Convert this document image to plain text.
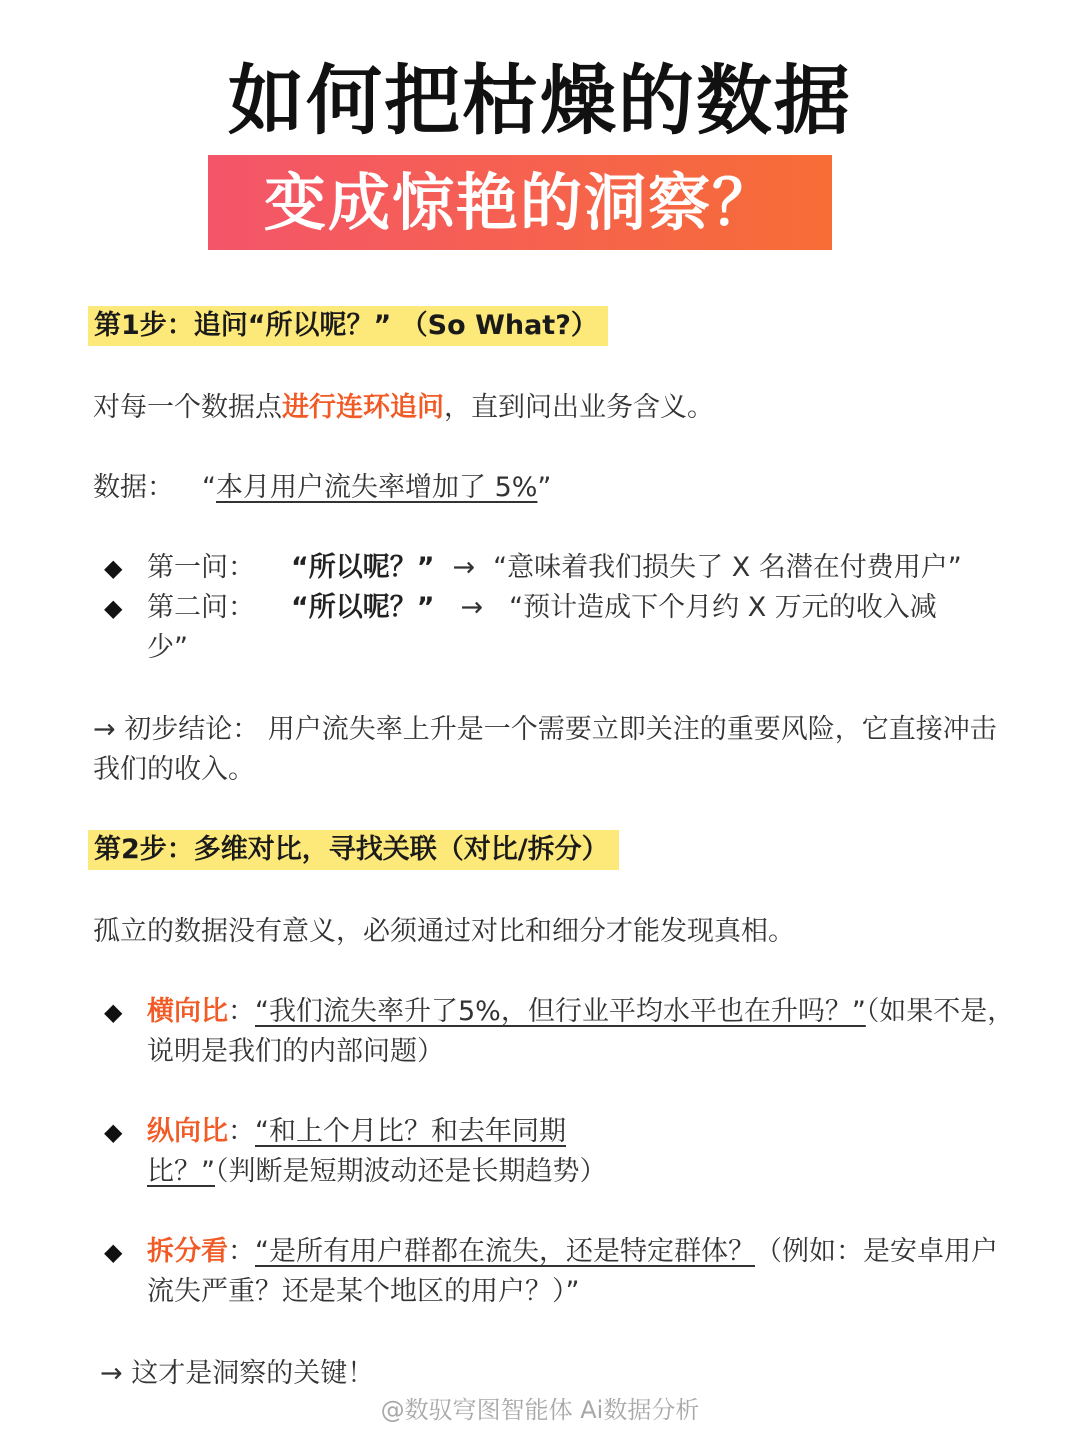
如何把枯燥的数据
变成惊艳的洞察？
第1步：追问“所以呢？” （So What?）
对每一个数据点进行连环追问，直到问出业务含义。
数据： “本月用户流失率增加了 5%”
◆ 第一问： “所以呢？” → “意味着我们损失了 X 名潜在付费用户”
◆ 第二问： “所以呢？” → “预计造成下个月约 X 万元的收入减少”
→ 初步结论： 用户流失率上升是一个需要立即关注的重要风险，它直接冲击我们的收入。
第2步：多维对比，寻找关联（对比/拆分）
孤立的数据没有意义，必须通过对比和细分才能发现真相。
◆ 横向比：“我们流失率升了5%，但行业平均水平也在升吗？”（如果不是，说明是我们的内部问题）
◆ 纵向比：“和上个月比？和去年同期比？”（判断是短期波动还是长期趋势）
◆ 拆分看：“是所有用户群都在流失，还是特定群体？（例如：是安卓用户流失严重？还是某个地区的用户？）”
→ 这才是洞察的关键！
@数驭穹图智能体 Ai数据分析
